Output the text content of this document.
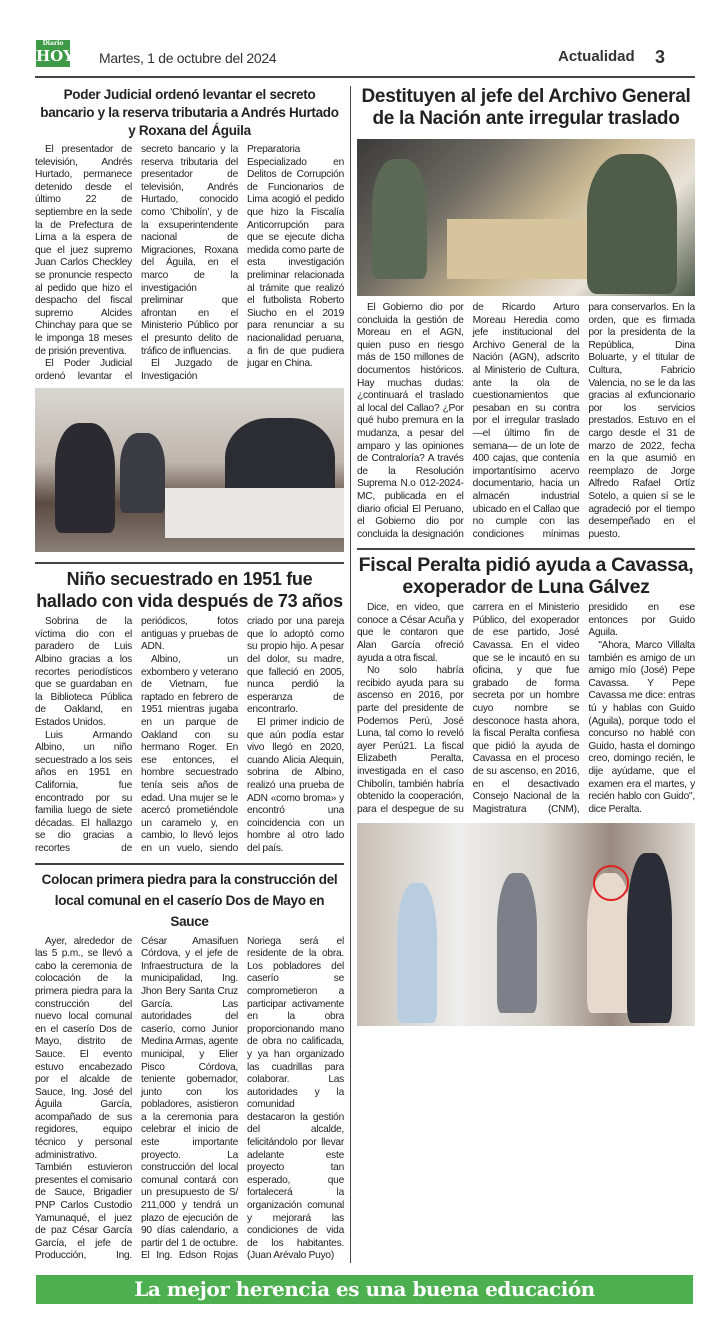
Diario
HOY Martes, 1 de octubre del 2024	Actualidad 3
Poder Judicial ordenó levantar el secreto bancario y la reserva tributaria a Andrés Hurtado y Roxana del Águila

El presentador de televisión, Andrés Hurtado, permanece detenido desde el último 22 de septiembre en la sede la de Prefectura de Lima a la espera de que el juez supremo Juan Carlos Checkley se pronuncie respecto al pedido que hizo el despacho del fiscal supremo Alcides Chinchay para que se le imponga 18 meses de prisión preventiva.

El Poder Judicial ordenó levantar el secreto bancario y la reserva tributaria del presentador de televisión, Andrés Hurtado, conocido como 'Chibolín', y de la exsuperintendente nacional de Migraciones, Roxana del Águila, en el marco de la investigación preliminar que afrontan en el Ministerio Público por el presunto delito de tráfico de influencias.

El Juzgado de Investigación Preparatoria Especializado en Delitos de Corrupción de Funcionarios de Lima acogió el pedido que hizo la Fiscalía Anticorrupción para que se ejecute dicha medida como parte de esta investigación preliminar relacionada al trámite que realizó el futbolista Roberto Siucho en el 2019 para renunciar a su nacionalidad peruana, a fin de que pudiera jugar en China.

Niño secuestrado en 1951 fue hallado con vida después de 73 años

Sobrina de la víctima dio con el paradero de Luis Albino gracias a los recortes periodísticos que se guardaban en la Biblioteca Pública de Oakland, en Estados Unidos.

Luis Armando Albino, un niño secuestrado a los seis años en 1951 en California, fue encontrado por su familia luego de siete décadas. El hallazgo se dio gracias a recortes de periódicos, fotos antiguas y pruebas de ADN.

Albino, un exbombero y veterano de Vietnam, fue raptado en febrero de 1951 mientras jugaba en un parque de Oakland con su hermano Roger. En ese entonces, el hombre secuestrado tenía seis años de edad. Una mujer se le acercó prometiéndole un caramelo y, en cambio, lo llevó lejos en un vuelo, siendo criado por una pareja que lo adoptó como su propio hijo. A pesar del dolor, su madre, que falleció en 2005, nunca perdió la esperanza de encontrarlo.

El primer indicio de que aún podía estar vivo llegó en 2020, cuando Alicia Alequin, sobrina de Albino, realizó una prueba de ADN «como broma» y encontró una coincidencia con un hombre al otro lado del país.

Colocan primera piedra para la construcción del local comunal en el caserío Dos de Mayo en Sauce

Ayer, alrededor de las 5 p.m., se llevó a cabo la ceremonia de colocación de la primera piedra para la construcción del nuevo local comunal en el caserío Dos de Mayo, distrito de Sauce. El evento estuvo encabezado por el alcalde de Sauce, Ing. José del Águila García, acompañado de sus regidores, equipo técnico y personal administrativo. También estuvieron presentes el comisario de Sauce, Brigadier PNP Carlos Custodio Yamunaqué, el juez de paz César García García, el jefe de Producción, Ing. César Amasifuen Córdova, y el jefe de Infraestructura de la municipalidad, Ing. Jhon Bery Santa Cruz García. Las autoridades del caserío, como Junior Medina Armas, agente municipal, y Elier Pisco Córdova, teniente gobernador, junto con los pobladores, asistieron a la ceremonia para celebrar el inicio de este importante proyecto. La construcción del local comunal contará con un presupuesto de S/ 211,000 y tendrá un plazo de ejecución de 90 días calendario, a partir del 1 de octubre. El Ing. Edson Rojas Noriega será el residente de la obra. Los pobladores del caserío se comprometieron a participar activamente en la obra proporcionando mano de obra no calificada, y ya han organizado las cuadrillas para colaborar. Las autoridades y la comunidad destacaron la gestión del alcalde, felicitándolo por llevar adelante este proyecto tan esperado, que fortalecerá la organización comunal y mejorará las condiciones de vida de los habitantes. (Juan Arévalo Puyo)

Destituyen al jefe del Archivo General de la Nación ante irregular traslado

El Gobierno dio por concluida la gestión de Moreau en el AGN, quien puso en riesgo más de 150 millones de documentos históricos. Hay muchas dudas: ¿continuará el traslado al local del Callao? ¿Por qué hubo premura en la mudanza, a pesar del amparo y las opiniones de Contraloría? A través de la Resolución Suprema N.o 012-2024-MC, publicada en el diario oficial El Peruano, el Gobierno dio por concluida la designación de Ricardo Arturo Moreau Heredia como jefe institucional del Archivo General de la Nación (AGN), adscrito al Ministerio de Cultura, ante la ola de cuestionamientos que pesaban en su contra por el irregular traslado —el último fin de semana— de un lote de 400 cajas, que contenía importantísimo acervo documentario, hacia un almacén industrial ubicado en el Callao que no cumple con las condiciones mínimas para conservarlos. En la orden, que es firmada por la presidenta de la República, Dina Boluarte, y el titular de Cultura, Fabricio Valencia, no se le da las gracias al exfuncionario por los servicios prestados. Estuvo en el cargo desde el 31 de marzo de 2022, fecha en la que asumió en reemplazo de Jorge Alfredo Rafael Ortíz Sotelo, a quien sí se le agradeció por el tiempo desempeñado en el puesto.

Fiscal Peralta pidió ayuda a Cavassa, exoperador de Luna Gálvez

Dice, en video, que conoce a César Acuña y que le contaron que Alan García ofreció ayuda a otra fiscal.

No solo habría recibido ayuda para su ascenso en 2016, por parte del presidente de Podemos Perú, José Luna, tal como lo reveló ayer Perú21. La fiscal Elizabeth Peralta, investigada en el caso Chibolín, también habría obtenido la cooperación, para el despegue de su carrera en el Ministerio Público, del exoperador de ese partido, José Cavassa. En el video que se le incautó en su oficina, y que fue grabado de forma secreta por un hombre cuyo nombre se desconoce hasta ahora, la fiscal Peralta confiesa que pidió la ayuda de Cavassa en el proceso de su ascenso, en 2016, en el desactivado Consejo Nacional de la Magistratura (CNM), presidido en ese entonces por Guido Aguila.

"Ahora, Marco Villalta también es amigo de un amigo mío (José) Pepe Cavassa. Y Pepe Cavassa me dice: entras tú y hablas con Guido (Aguila), porque todo el concurso no hablé con Guido, hasta el domingo creo, domingo recién, le dije ayúdame, que el examen era el martes, y recién hablo con Guido", dice Peralta.

La mejor herencia es una buena educación
